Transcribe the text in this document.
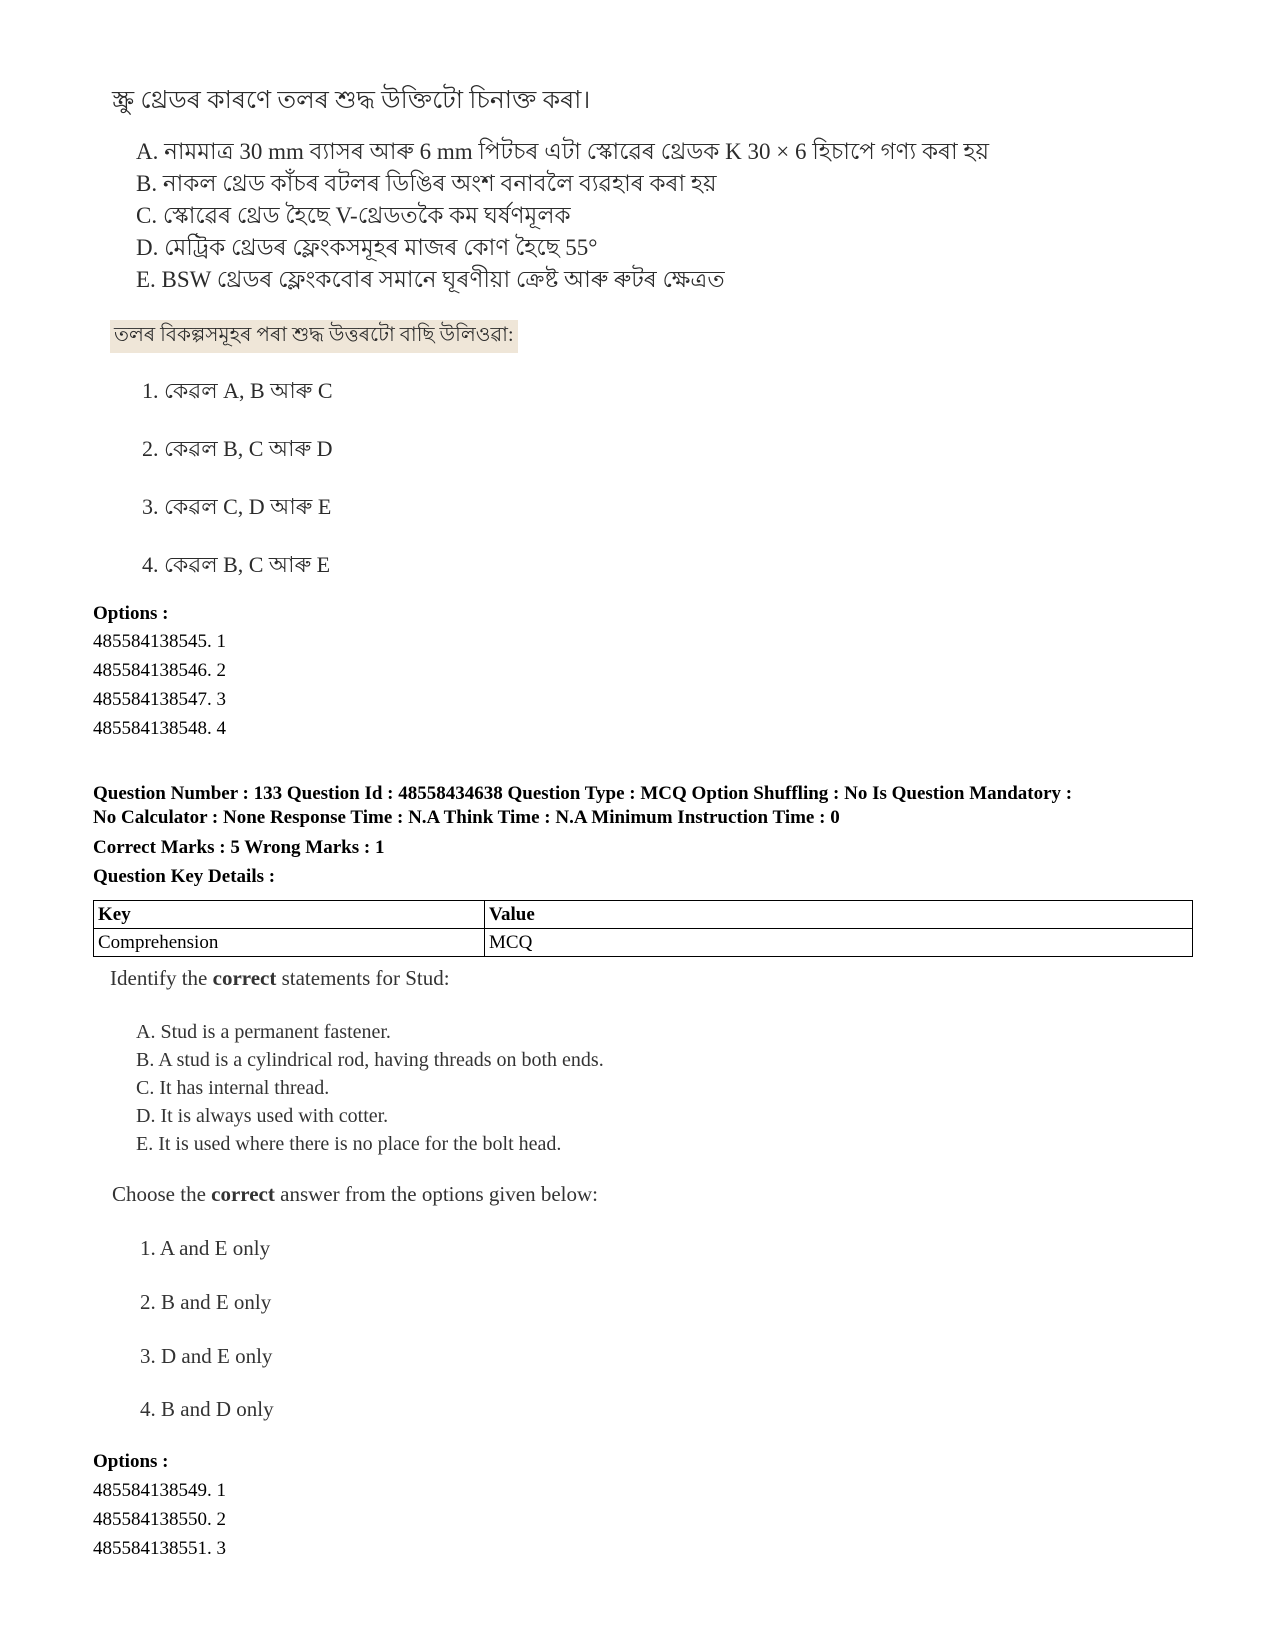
স্ক্ৰু থ্ৰেডৰ কাৰণে তলৰ শুদ্ধ উক্তিটো চিনাক্ত কৰা।
A. নামমাত্ৰ 30 mm ব্যাসৰ আৰু 6 mm পিটচৰ এটা স্কোৱেৰ থ্ৰেডক K 30 × 6 হিচাপে গণ্য কৰা হয়
B. নাকল থ্ৰেড কাঁচৰ বটলৰ ডিঙিৰ অংশ বনাবলৈ ব্যৱহাৰ কৰা হয়
C. স্কোৱেৰ থ্ৰেড হৈছে V-থ্ৰেডতকৈ কম ঘৰ্ষণমূলক
D. মেট্ৰিক থ্ৰেডৰ ফ্লেংকসমূহৰ মাজৰ কোণ হৈছে 55°
E. BSW থ্ৰেডৰ ফ্লেংকবোৰ সমানে ঘূৰণীয়া ক্ৰেষ্ট আৰু ৰুটৰ ক্ষেত্ৰত
তলৰ বিকল্পসমূহৰ পৰা শুদ্ধ উত্তৰটো বাছি উলিওৱা:
1. কেৱল A, B আৰু C
2. কেৱল B, C আৰু D
3. কেৱল C, D আৰু E
4. কেৱল B, C আৰু E
Options :
485584138545. 1
485584138546. 2
485584138547. 3
485584138548. 4
Question Number : 133 Question Id : 48558434638 Question Type : MCQ Option Shuffling : No Is Question Mandatory :
No Calculator : None Response Time : N.A Think Time : N.A Minimum Instruction Time : 0
Correct Marks : 5 Wrong Marks : 1
Question Key Details :
Key	Value
Comprehension	MCQ
Identify the correct statements for Stud:
A. Stud is a permanent fastener.
B. A stud is a cylindrical rod, having threads on both ends.
C. It has internal thread.
D. It is always used with cotter.
E. It is used where there is no place for the bolt head.
Choose the correct answer from the options given below:
1. A and E only
2. B and E only
3. D and E only
4. B and D only
Options :
485584138549. 1
485584138550. 2
485584138551. 3
